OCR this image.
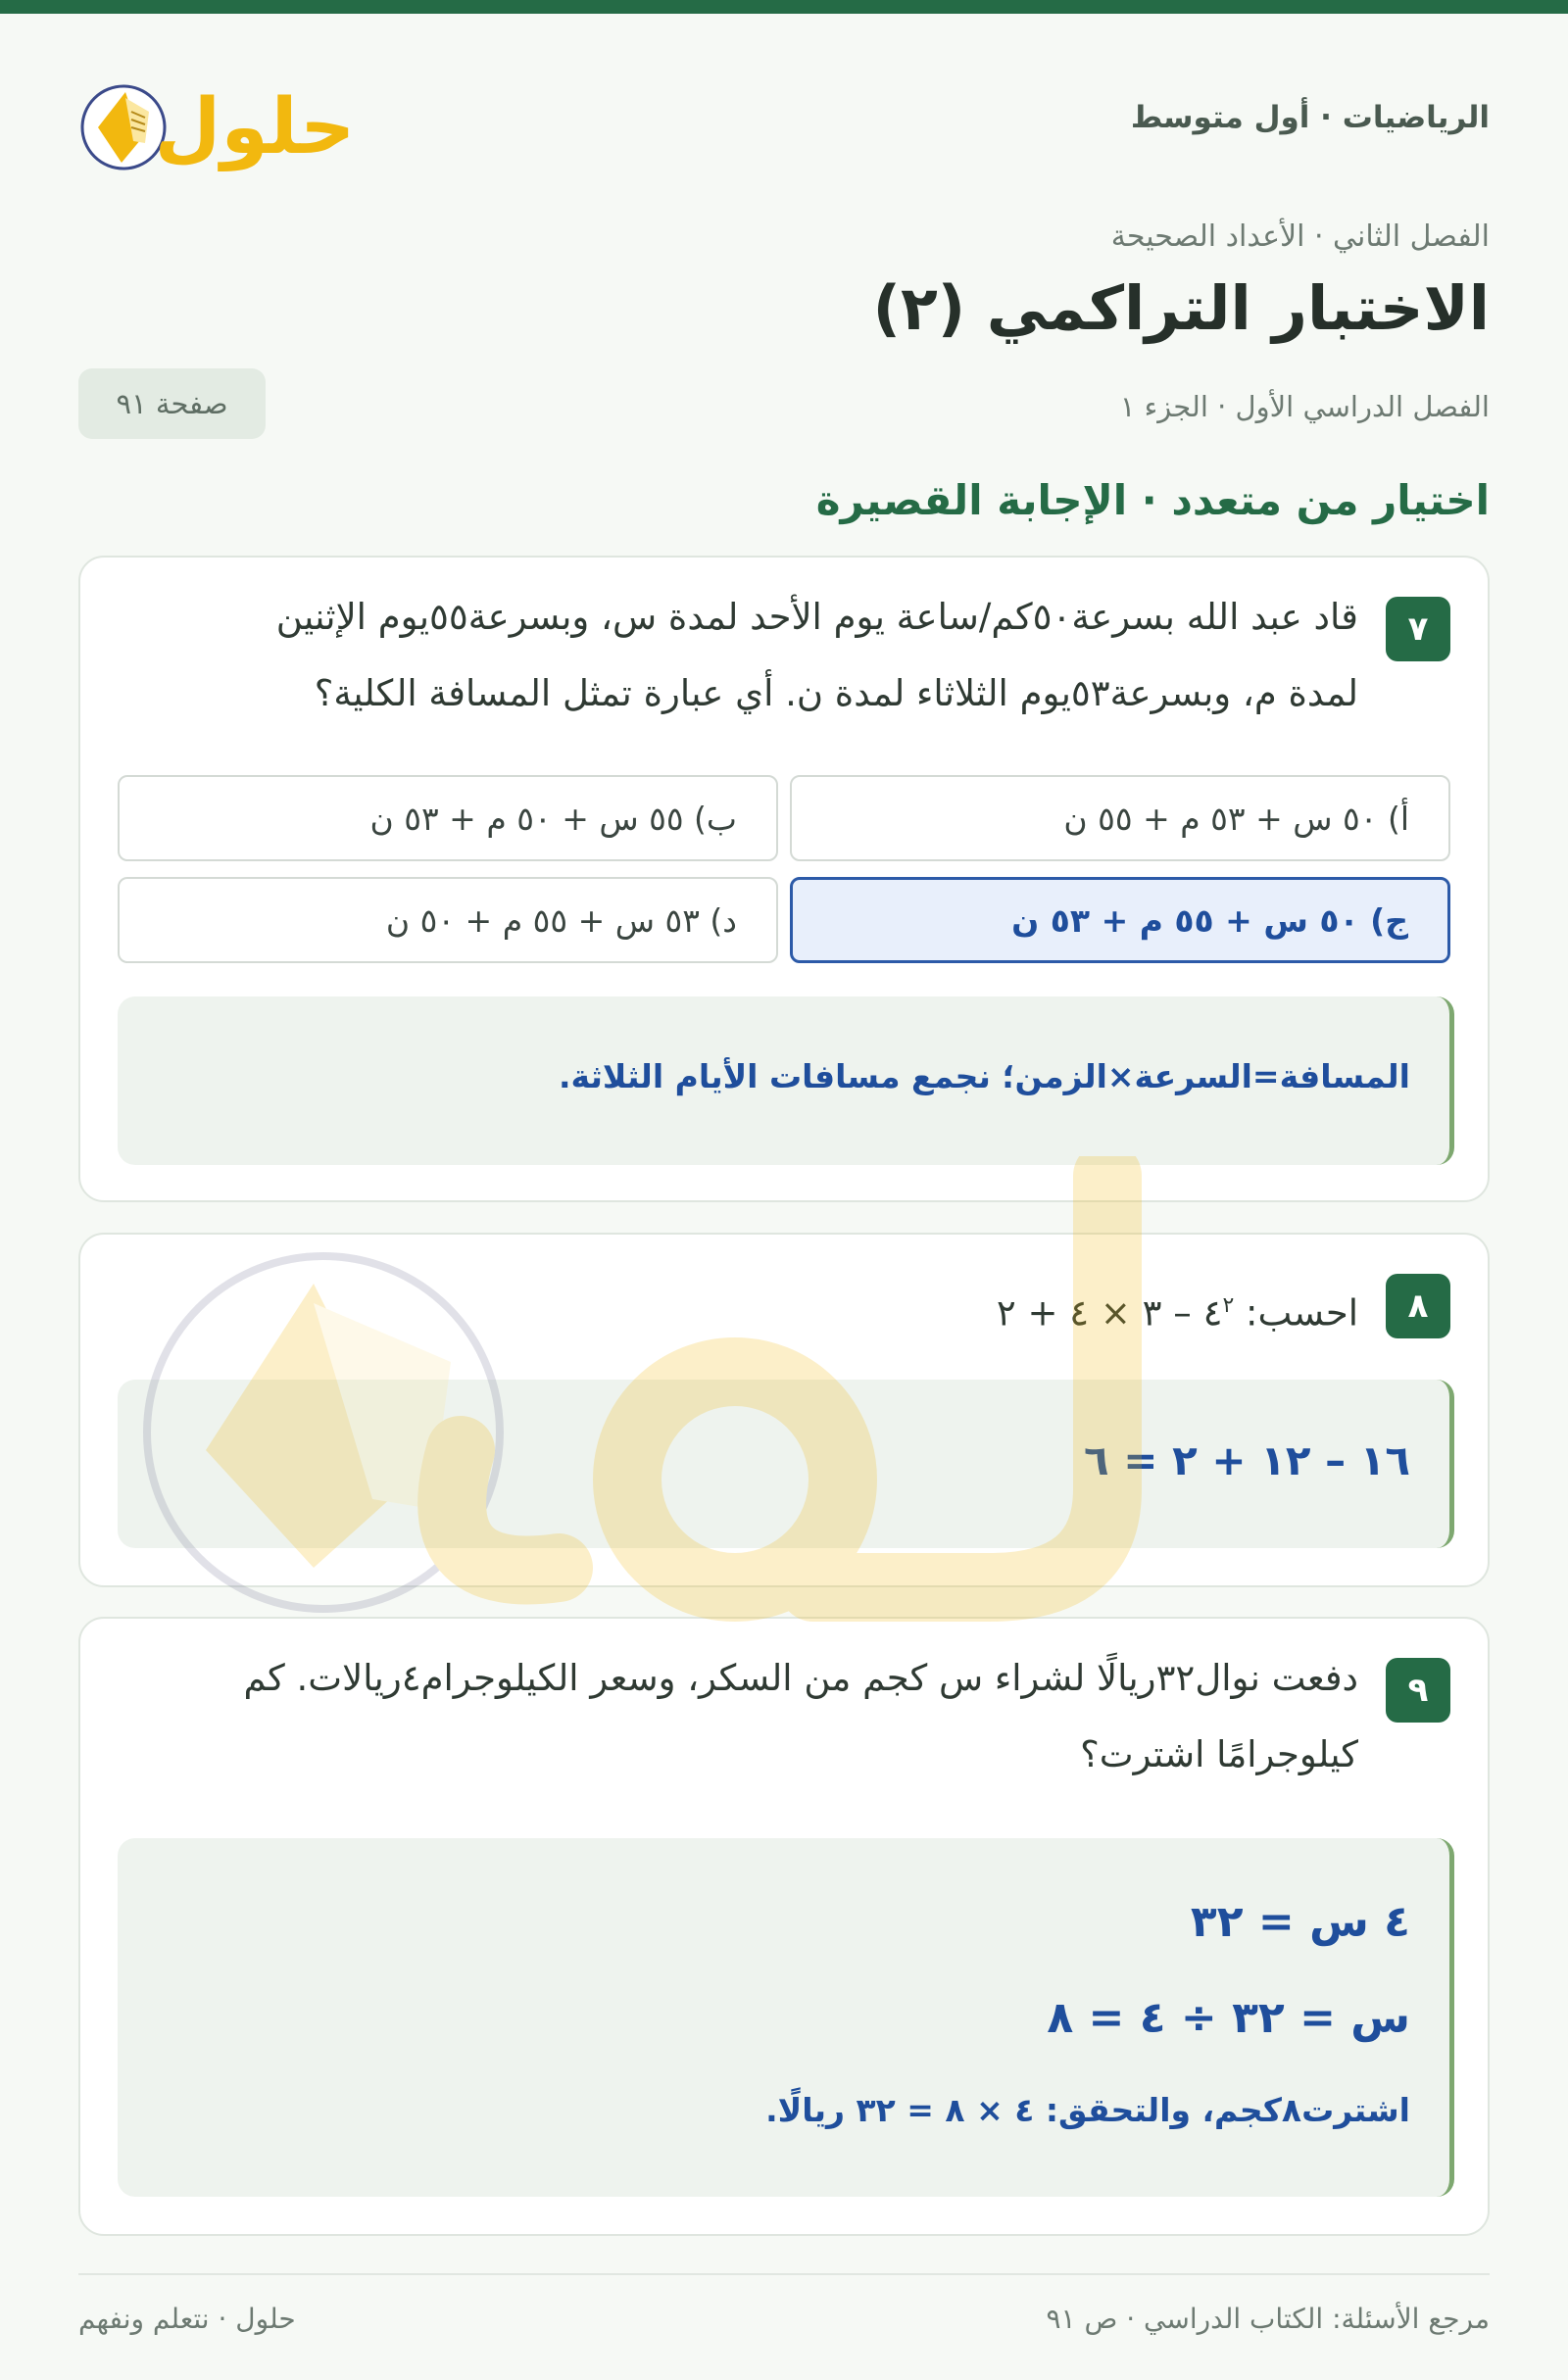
الرياضيات · أول متوسط
حلول
الفصل الثاني · الأعداد الصحيحة
الاختبار التراكمي (٢)
الفصل الدراسي الأول · الجزء ١
صفحة ٩١
اختيار من متعدد · الإجابة القصيرة
٧
قاد عبد الله بسرعة٥٠كم/ساعة يوم الأحد لمدة س، وبسرعة٥٥يوم الإثنين
لمدة م، وبسرعة٥٣يوم الثلاثاء لمدة ن. أي عبارة تمثل المسافة الكلية؟
أ) ٥٠ س + ٥٣ م + ٥٥ ن
ب) ٥٥ س + ٥٠ م + ٥٣ ن
ج) ٥٠ س + ٥٥ م + ٥٣ ن
د) ٥٣ س + ٥٥ م + ٥٠ ن
المسافة=السرعة×الزمن؛ نجمع مسافات الأيام الثلاثة.
٨
احسب: $٤^٢$ – ٣ × ٤ + ٢
١٦ – ١٢ + ٢ = ٦
٩
دفعت نوال٣٢ريالًا لشراء س كجم من السكر، وسعر الكيلوجرام٤ريالات. كم
كيلوجرامًا اشترت؟
٤ س = ٣٢
س = ٣٢ ÷ ٤ = ٨
اشترت٨كجم، والتحقق: ٤ × ٨ = ٣٢ ريالًا.
مرجع الأسئلة: الكتاب الدراسي · ص ٩١
حلول · نتعلم ونفهم
